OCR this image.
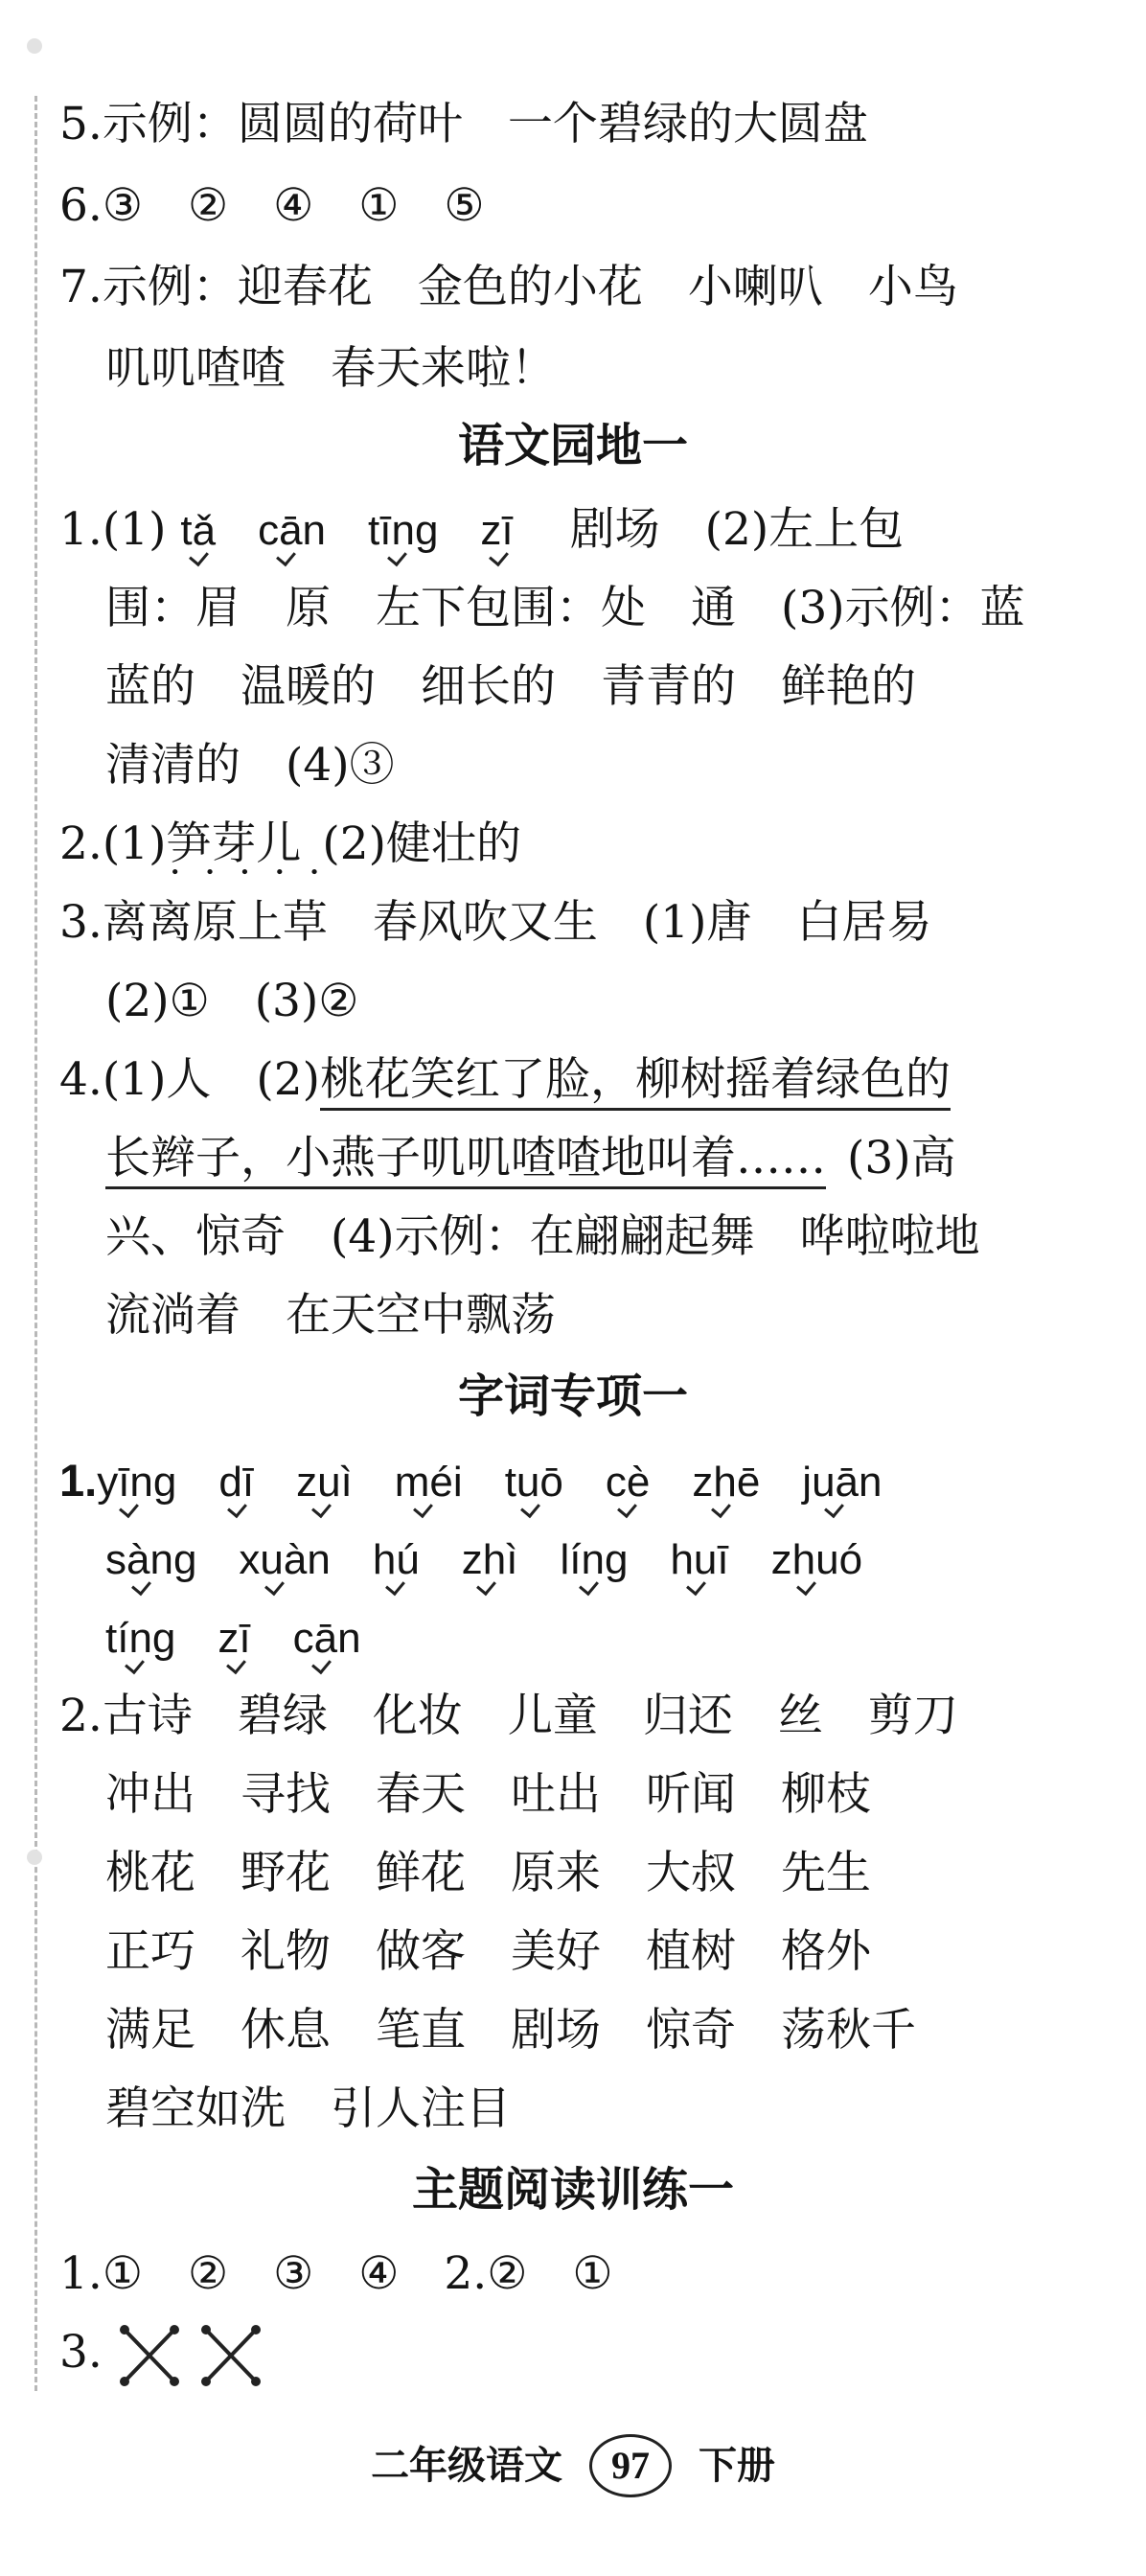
5.示例：圆圆的荷叶　一个碧绿的大圆盘
6.③　②　④　①　⑤
7.示例：迎春花　金色的小花　小喇叭　小鸟
叽叽喳喳　春天来啦！
语文园地一
1.(1) tǎ cān tīng zī 剧场　(2)左上包
围：眉　原　左下包围：处　通　(3)示例：蓝
蓝的　温暖的　细长的　青青的　鲜艳的
清清的　(4)③
2.(1)笋芽儿 • • • (2)健壮的
3.离离原上草　春风吹又生　(1)唐　白居易
(2)①　(3)②
4.(1)人　(2)桃花笑红了脸，柳树摇着绿色的
长辫子，小燕子叽叽喳喳地叫着…… (3)高
兴、惊奇　(4)示例：在翩翩起舞　哗啦啦地
流淌着　在天空中飘荡
字词专项一
1.yīng dī zuì méi tuō cè zhē juān
sàng xuàn hú zhì líng huī zhuó
tíng zī cān
2.古诗　碧绿　化妆　儿童　归还　丝　剪刀
冲出　寻找　春天　吐出　听闻　柳枝
桃花　野花　鲜花　原来　大叔　先生
正巧　礼物　做客　美好　植树　格外
满足　休息　笔直　剧场　惊奇　荡秋千
碧空如洗　引人注目
主题阅读训练一
1.①　②　③　④　2.②　①
3.
二年级语文 97 下册
